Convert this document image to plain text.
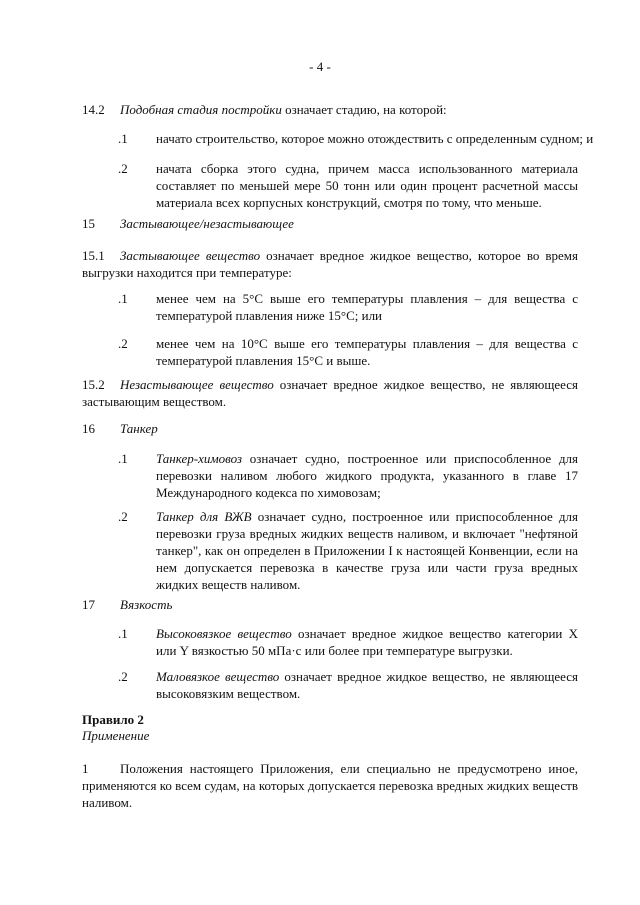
- 4 -
14.2 Подобная стадия постройки означает стадию, на которой:
.1 начато строительство, которое можно отождествить с определенным судном; и
.2 начата сборка этого судна, причем масса использованного материала составляет по меньшей мере 50 тонн или один процент расчетной массы материала всех корпусных конструкций, смотря по тому, что меньше.
15 Застывающее/незастывающее
15.1	Застывающее вещество означает вредное жидкое вещество, которое во время выгрузки находится при температуре:
.1 менее чем на 5°С выше его температуры плавления – для вещества с температурой плавления ниже 15°С; или
.2 менее чем на 10°С выше его температуры плавления – для вещества с температурой плавления 15°С и выше.
15.2	Незастывающее вещество означает вредное жидкое вещество, не являющееся застывающим веществом.
16 Танкер
.1 Танкер-химовоз означает судно, построенное или приспособленное для перевозки наливом любого жидкого продукта, указанного в главе 17 Международного кодекса по химовозам;
.2 Танкер для ВЖВ означает судно, построенное или приспособленное для перевозки груза вредных жидких веществ наливом, и включает "нефтяной танкер", как он определен в Приложении I к настоящей Конвенции, если на нем допускается перевозка в качестве груза или части груза вредных жидких веществ наливом.
17 Вязкость
.1 Высоковязкое вещество означает вредное жидкое вещество категории X или Y вязкостью 50 мПа·с или более при температуре выгрузки.
.2 Маловязкое вещество означает вредное жидкое вещество, не являющееся высоковязким веществом.
Правило 2
Применение
1	Положения настоящего Приложения, ели специально не предусмотрено иное, применяются ко всем судам, на которых допускается перевозка вредных жидких веществ наливом.
